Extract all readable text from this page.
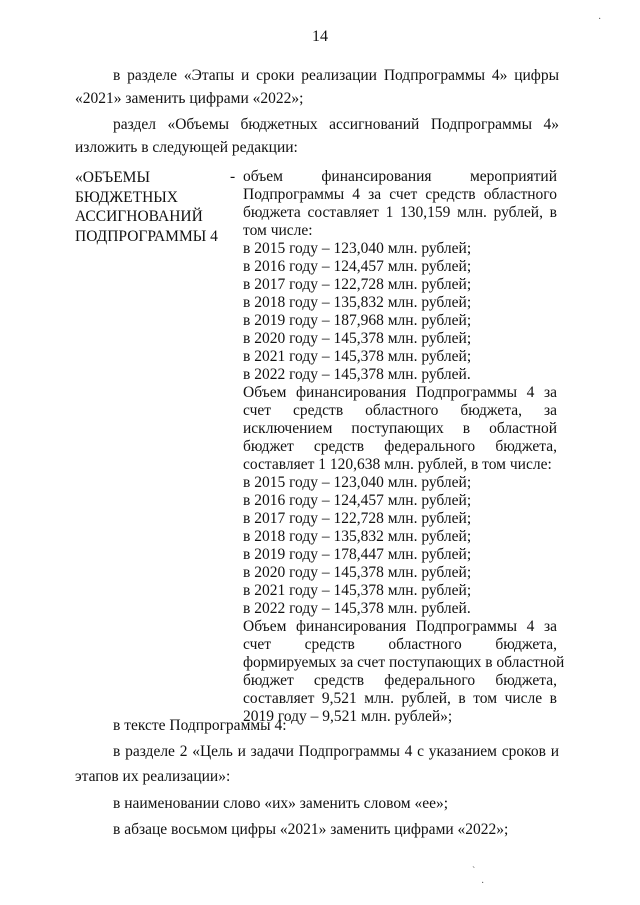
14
в разделе «Этапы и сроки реализации Подпрограммы 4» цифры
«2021» заменить цифрами «2022»;
раздел «Объемы бюджетных ассигнований Подпрограммы 4»
изложить в следующей редакции:
«ОБЪЕМЫ
БЮДЖЕТНЫХ
АССИГНОВАНИЙ
ПОДПРОГРАММЫ 4
- объем финансирования мероприятий
Подпрограммы 4 за счет средств областного
бюджета составляет 1 130,159 млн. рублей, в
том числе:
в 2015 году – 123,040 млн. рублей;
в 2016 году – 124,457 млн. рублей;
в 2017 году – 122,728 млн. рублей;
в 2018 году – 135,832 млн. рублей;
в 2019 году – 187,968 млн. рублей;
в 2020 году – 145,378 млн. рублей;
в 2021 году – 145,378 млн. рублей;
в 2022 году – 145,378 млн. рублей.
Объем финансирования Подпрограммы 4 за
счет средств областного бюджета, за
исключением поступающих в областной
бюджет средств федерального бюджета,
составляет 1 120,638 млн. рублей, в том числе:
в 2015 году – 123,040 млн. рублей;
в 2016 году – 124,457 млн. рублей;
в 2017 году – 122,728 млн. рублей;
в 2018 году – 135,832 млн. рублей;
в 2019 году – 178,447 млн. рублей;
в 2020 году – 145,378 млн. рублей;
в 2021 году – 145,378 млн. рублей;
в 2022 году – 145,378 млн. рублей.
Объем финансирования Подпрограммы 4 за
счет средств областного бюджета,
формируемых за счет поступающих в областной
бюджет средств федерального бюджета,
составляет 9,521 млн. рублей, в том числе в
2019 году – 9,521 млн. рублей»;
в тексте Подпрограммы 4:
в разделе 2 «Цель и задачи Подпрограммы 4 с указанием сроков и
этапов их реализации»:
в наименовании слово «их» заменить словом «ее»;
в абзаце восьмом цифры «2021» заменить цифрами «2022»;
·
`
·
